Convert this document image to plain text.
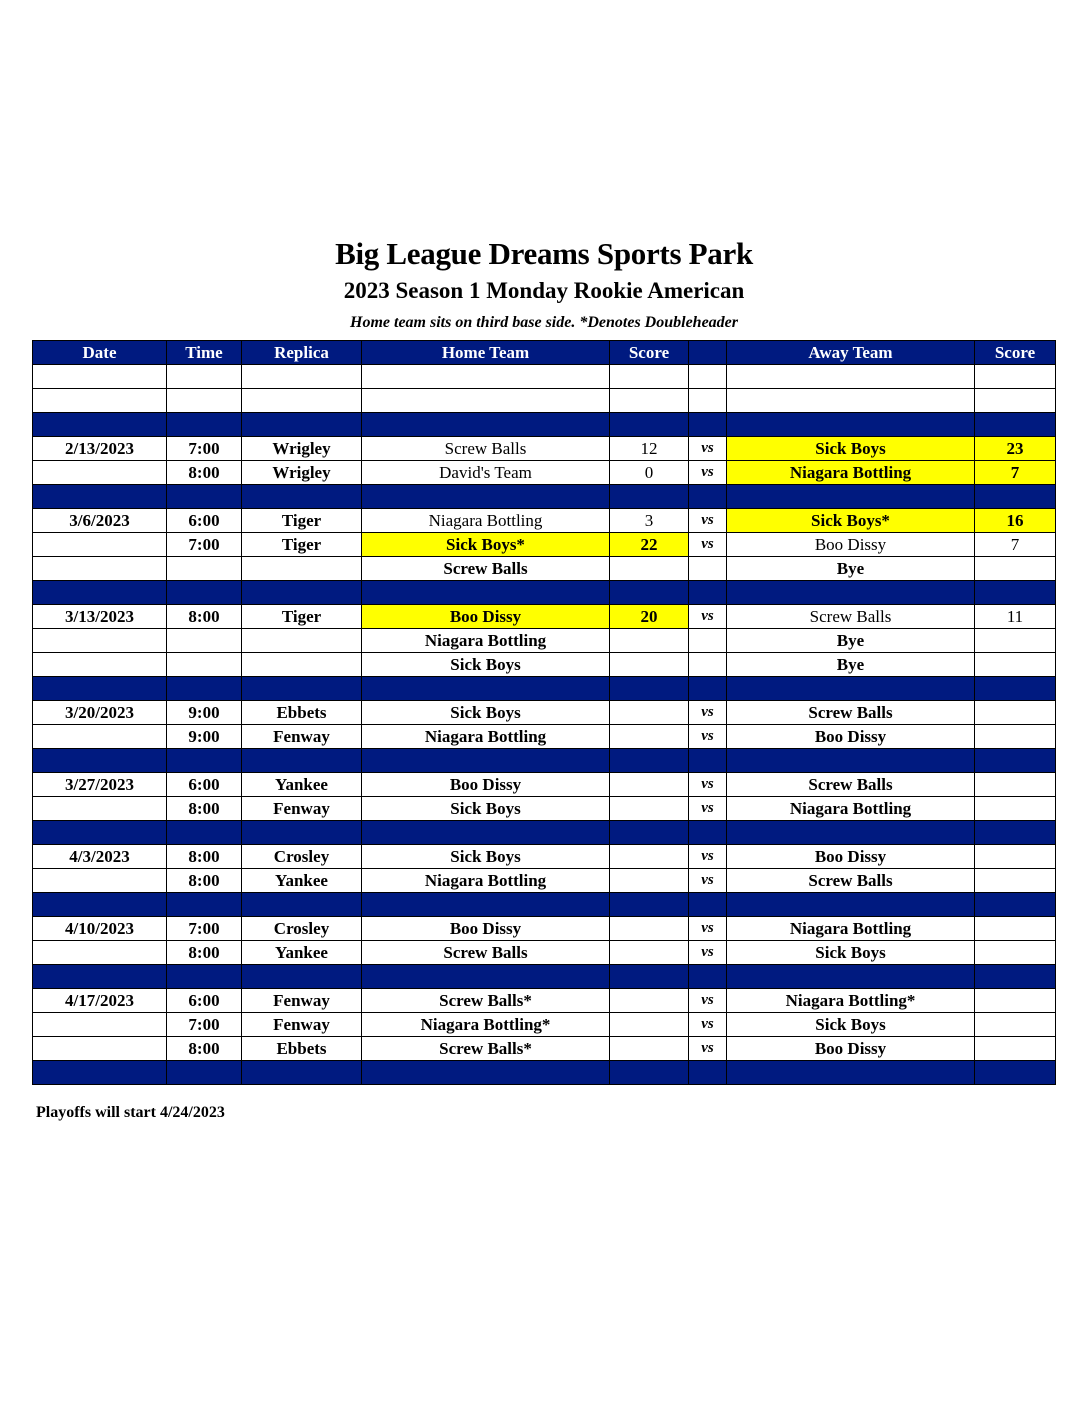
Big League Dreams Sports Park
2023 Season 1 Monday Rookie American
Home team sits on third base side. *Denotes Doubleheader
Date	Time	Replica	Home Team	Score		Away Team	Score

2/13/2023	7:00	Wrigley	Screw Balls	12	vs	Sick Boys	23
	8:00	Wrigley	David's Team	0	vs	Niagara Bottling	7

3/6/2023	6:00	Tiger	Niagara Bottling	3	vs	Sick Boys*	16
	7:00	Tiger	Sick Boys*	22	vs	Boo Dissy	7
			Screw Balls			Bye	

3/13/2023	8:00	Tiger	Boo Dissy	20	vs	Screw Balls	11
			Niagara Bottling			Bye	
			Sick Boys			Bye	

3/20/2023	9:00	Ebbets	Sick Boys		vs	Screw Balls	
	9:00	Fenway	Niagara Bottling		vs	Boo Dissy	

3/27/2023	6:00	Yankee	Boo Dissy		vs	Screw Balls	
	8:00	Fenway	Sick Boys		vs	Niagara Bottling	

4/3/2023	8:00	Crosley	Sick Boys		vs	Boo Dissy	
	8:00	Yankee	Niagara Bottling		vs	Screw Balls	

4/10/2023	7:00	Crosley	Boo Dissy		vs	Niagara Bottling	
	8:00	Yankee	Screw Balls		vs	Sick Boys	

4/17/2023	6:00	Fenway	Screw Balls*		vs	Niagara Bottling*	
	7:00	Fenway	Niagara Bottling*		vs	Sick Boys	
	8:00	Ebbets	Screw Balls*		vs	Boo Dissy	

Playoffs will start 4/24/2023
